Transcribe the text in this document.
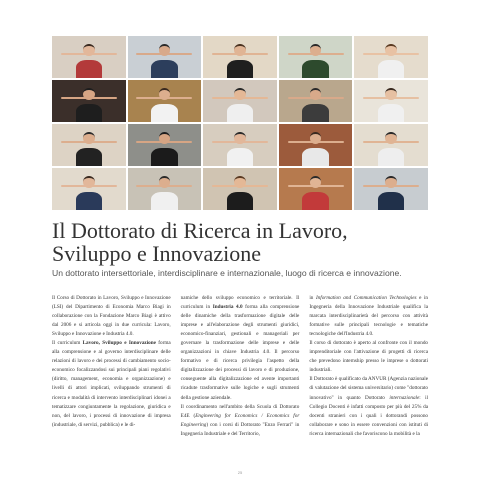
Il Dottorato di Ricerca in Lavoro,
Sviluppo e Innovazione

Un dottorato intersettoriale, interdisciplinare e internazionale, luogo di ricerca e innovazione.

Il Corso di Dottorato in Lavoro, Sviluppo e Innovazione (LSI) del Dipartimento di Economia Marco Biagi in collaborazione con la Fondazione Marco Biagi è attivo dal 2006 e si articola oggi in due curricula: Lavoro, Sviluppo e Innovazione e Industria 4.0.

Il curriculum Lavoro, Sviluppo e Innovazione forma alla comprensione e al governo interdisciplinare delle relazioni di lavoro e dei processi di cambiamento socio-economico focalizzandosi sui principali piani regolativi (diritto, management, economia e organizzazione) e livelli di attori implicati, sviluppando strumenti di ricerca e modalità di intervento interdisciplinari idonei a tematizzare congiuntamente la regolazione, giuridica e non, del lavoro, i processi di innovazione di impresa (industriale, di servizi, pubblica) e le di-

namiche dello sviluppo economico e territoriale. Il curriculum in Industria 4.0 forma alla comprensione delle dinamiche della trasformazione digitale delle imprese e all'elaborazione degli strumenti giuridici, economico-finanziari, gestionali e manageriali per governare la trasformazione delle imprese e delle organizzazioni in chiave Industria 4.0. Il percorso formativo e di ricerca privilegia l'aspetto della digitalizzazione dei processi di lavoro e di produzione, conseguente alla digitalizzazione ed avente importanti ricadute trasformative sulle logiche e sugli strumenti della gestione aziendale.

Il coordinamento nell'ambito della Scuola di Dottorato E4E (Engineering for Economics / Economics for Engineering) con i corsi di Dottorato "Enzo Ferrari" in Ingegneria Industriale e del Territorio,

in Information and Communication Technologies e in Ingegneria della Innovazione Industriale qualifica la marcata interdisciplinarietà del percorso con attività formative sulle principali tecnologie e tematiche tecnologiche dell'Industria 4.0.

Il corso di dottorato è aperto al confronte con il mondo imprenditoriale con l'attivazione di progetti di ricerca che prevedono internship presso le imprese o dottorati industriali.

Il Dottorato è qualificato da ANVUR (Agenzia nazionale di valutazione del sistema universitario) come "dottorato innovativo" in quanto Dottorato internazionale: il Collegio Docenti è infatti composto per più del 25% da docenti stranieri con i quali i dottorandi possono collaborare e sono in essere convenzioni con istituti di ricerca internazionali che favoriscono la mobilità e la

25
